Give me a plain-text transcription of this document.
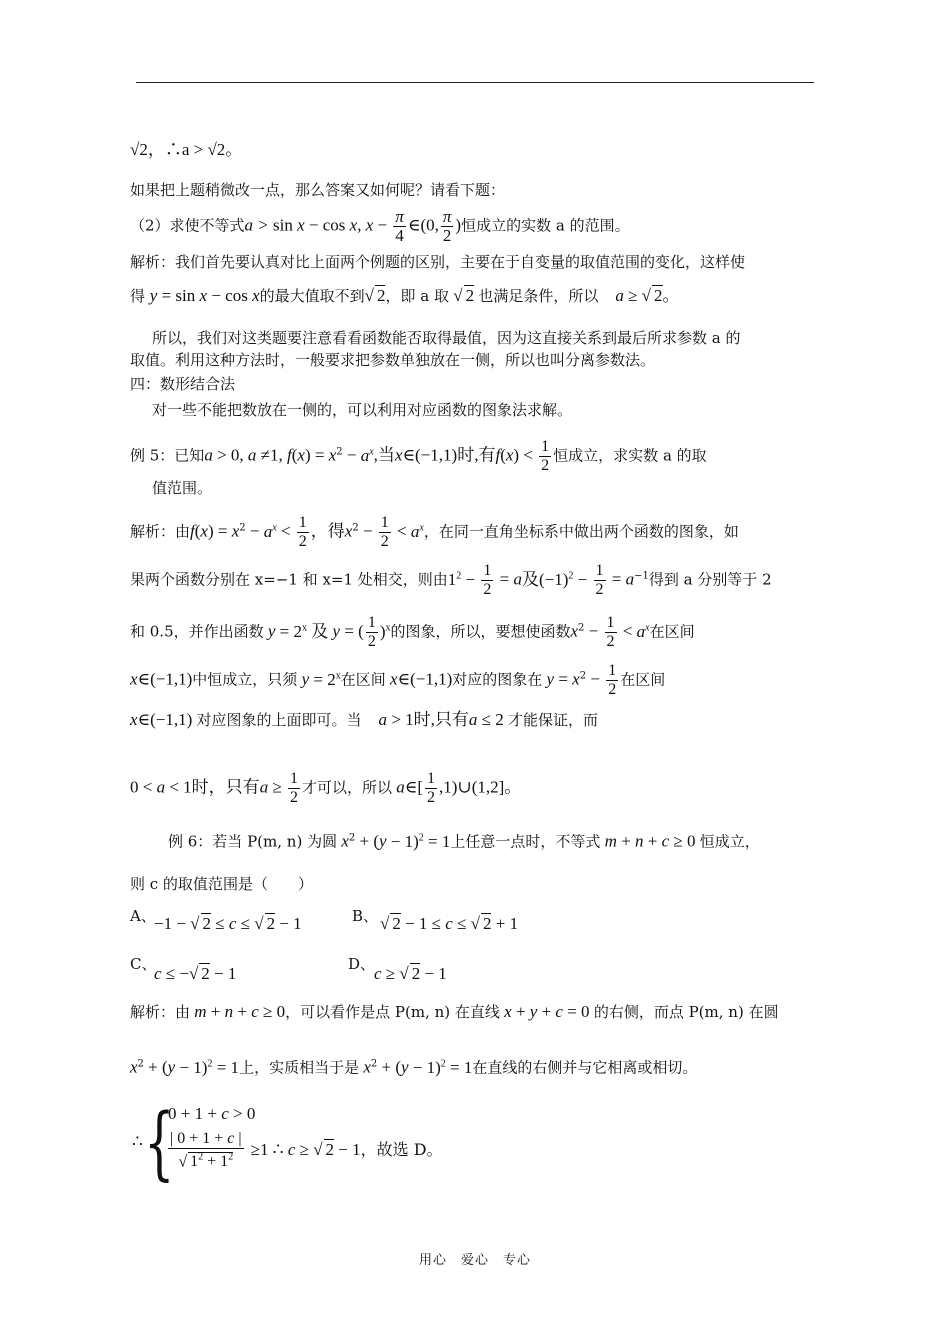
√2，∴a > √2。
如果把上题稍微改一点，那么答案又如何呢？请看下题：
（2）求使不等式a > sin x − cos x, $x - \frac{\pi}{4}$ ∈(0, $\frac{\pi}{2}$ )恒成立的实数 a 的范围。
解析：我们首先要认真对比上面两个例题的区别，主要在于自变量的取值范围的变化，这样使
得 y = sin x − cos x的最大值取不到√ 2，即 a 取 √ 2 也满足条件，所以　a ≥ √ 2。
所以，我们对这类题要注意看看函数能否取得最值，因为这直接关系到最后所求参数 a 的
取值。利用这种方法时，一般要求把参数单独放在一侧，所以也叫分离参数法。
四：数形结合法
对一些不能把数放在一侧的，可以利用对应函数的图象法求解。
例 5：已知a > 0, a ≠1, $f(x) = x^2 - a^x$,当x∈(−1,1)时,有$f(x) < \frac{1}{2}$ 恒成立，求实数 a 的取
值范围。
解析：由$f(x) = x^2 - a^x < \frac{1}{2}$ ，得$x^2 - \frac{1}{2} < a^x$，在同一直角坐标系中做出两个函数的图象，如
果两个函数分别在 x=−1 和 x=1 处相交，则由$1^2 - \frac{1}{2} = a$及$(-1)^2 - \frac{1}{2} = a^{-1}$得到 a 分别等于 2
和 0.5，并作出函数 $y = 2^x$ 及 y = ( $\frac{1}{2} )^x$的图象，所以，要想使函数$x^2 - \frac{1}{2} < a^x$在区间
x∈(−1,1)中恒成立，只须 $y = 2^x$在区间 x∈(−1,1)对应的图象在 $y = x^2 - \frac{1}{2}$ 在区间
x∈(−1,1) 对应图象的上面即可。当　a > 1时,只有a ≤ 2 才能保证，而
0 < a < 1时，只有$a \ge \frac{1}{2}$ 才可以，所以 a∈[ $\frac{1}{2}$ ,1)∪(1,2]。
例 6：若当 P(m, n) 为圆 $x^2 + (y - 1)^2 = 1$上任意一点时，不等式 m + n + c ≥ 0 恒成立，
则 c 的取值范围是（　　）
A、
−1 − √ 2 ≤ c ≤ √ 2 − 1	B、 √ 2 − 1 ≤ c ≤ √ 2 + 1
C、
c ≤ −√ 2 − 1	D、
c ≥ √ 2 − 1
解析：由 m + n + c ≥ 0，可以看作是点 P(m, n) 在直线 x + y + c = 0 的右侧，而点 P(m, n) 在圆
$x^2 + (y - 1)^2 = 1$上，实质相当于是 $x^2 + (y - 1)^2 = 1$在直线的右侧并与它相离或相切。
∴ {
0 + 1 + c > 0
$\frac{| 0 + 1 + c |}{√ 1^2 + 1^2} \ge 1$ ∴ c ≥ √ 2 − 1，故选 D。
用心　爱心　专心
